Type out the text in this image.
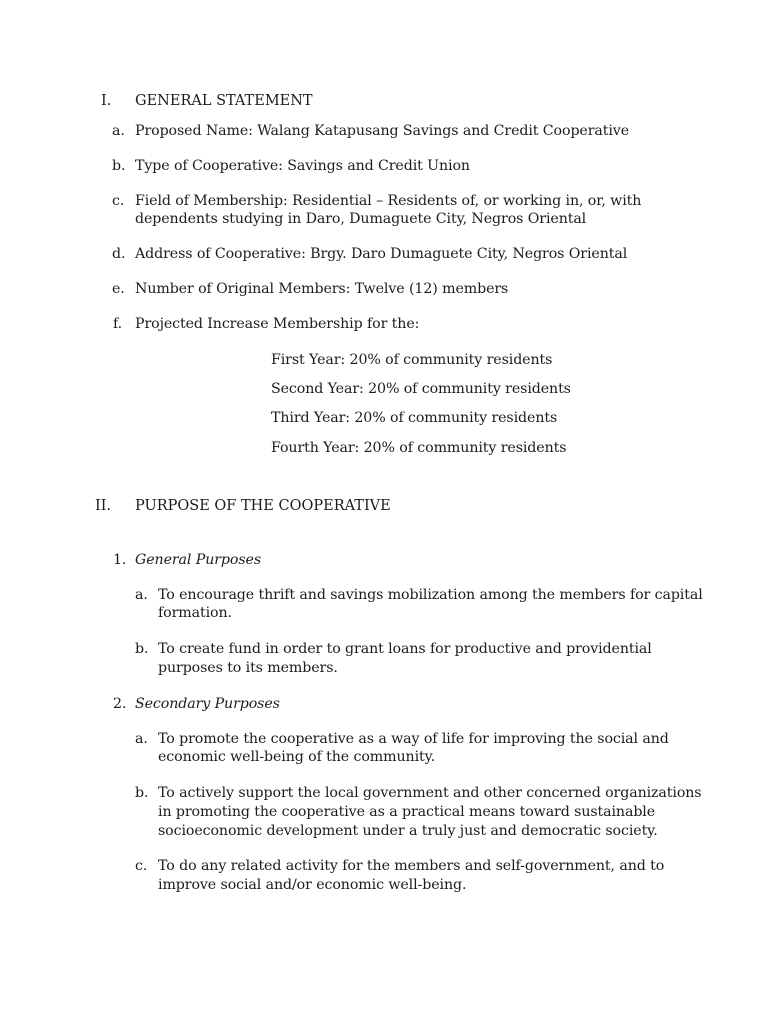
I. GENERAL STATEMENT
a. Proposed Name: Walang Katapusang Savings and Credit Cooperative
b. Type of Cooperative: Savings and Credit Union
c. Field of Membership: Residential – Residents of, or working in, or, with
dependents studying in Daro, Dumaguete City, Negros Oriental
d. Address of Cooperative: Brgy. Daro Dumaguete City, Negros Oriental
e. Number of Original Members: Twelve (12) members
f. Projected Increase Membership for the:
First Year: 20% of community residents
Second Year: 20% of community residents
Third Year: 20% of community residents
Fourth Year: 20% of community residents
II. PURPOSE OF THE COOPERATIVE
1. General Purposes
a. To encourage thrift and savings mobilization among the members for capital
formation.
b. To create fund in order to grant loans for productive and providential
purposes to its members.
2. Secondary Purposes
a. To promote the cooperative as a way of life for improving the social and
economic well-being of the community.
b. To actively support the local government and other concerned organizations
in promoting the cooperative as a practical means toward sustainable
socioeconomic development under a truly just and democratic society.
c. To do any related activity for the members and self-government, and to
improve social and/or economic well-being.
